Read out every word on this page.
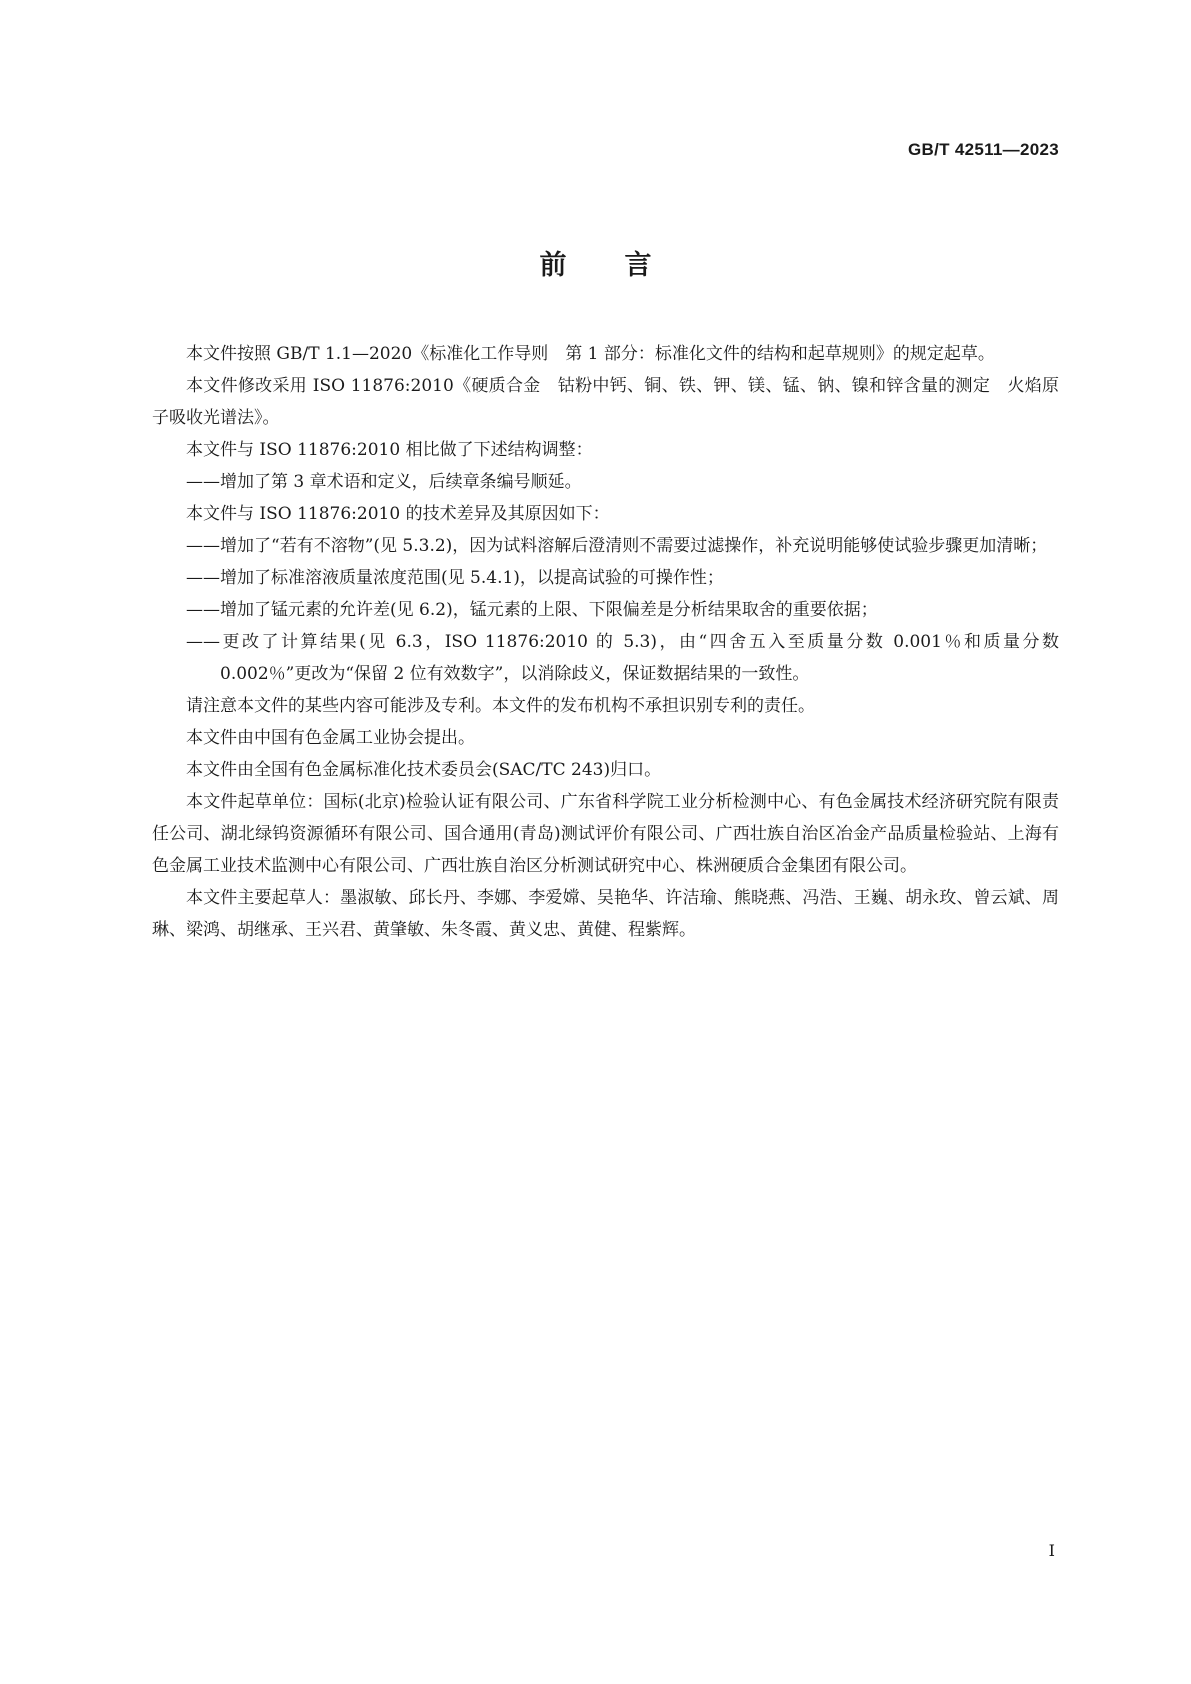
GB/T 42511—2023
前言

本文件按照 GB/T 1.1—2020《标准化工作导则　第 1 部分：标准化文件的结构和起草规则》的规定起草。

本文件修改采用 ISO 11876:2010《硬质合金　钴粉中钙、铜、铁、钾、镁、锰、钠、镍和锌含量的测定　火焰原子吸收光谱法》。

本文件与 ISO 11876:2010 相比做了下述结构调整：

——增加了第 3 章术语和定义，后续章条编号顺延。

本文件与 ISO 11876:2010 的技术差异及其原因如下：

——增加了“若有不溶物”(见 5.3.2)，因为试料溶解后澄清则不需要过滤操作，补充说明能够使试验步骤更加清晰；

——增加了标准溶液质量浓度范围(见 5.4.1)，以提高试验的可操作性；

——增加了锰元素的允许差(见 6.2)，锰元素的上限、下限偏差是分析结果取舍的重要依据；

——更改了计算结果(见 6.3，ISO 11876:2010 的 5.3)，由“四舍五入至质量分数 0.001％和质量分数 0.002％”更改为“保留 2 位有效数字”，以消除歧义，保证数据结果的一致性。

请注意本文件的某些内容可能涉及专利。本文件的发布机构不承担识别专利的责任。

本文件由中国有色金属工业协会提出。

本文件由全国有色金属标准化技术委员会(SAC/TC 243)归口。

本文件起草单位：国标(北京)检验认证有限公司、广东省科学院工业分析检测中心、有色金属技术经济研究院有限责任公司、湖北绿钨资源循环有限公司、国合通用(青岛)测试评价有限公司、广西壮族自治区冶金产品质量检验站、上海有色金属工业技术监测中心有限公司、广西壮族自治区分析测试研究中心、株洲硬质合金集团有限公司。

本文件主要起草人：墨淑敏、邱长丹、李娜、李爱嫦、吴艳华、许洁瑜、熊晓燕、冯浩、王巍、胡永玫、曾云斌、周琳、梁鸿、胡继承、王兴君、黄肇敏、朱冬霞、黄义忠、黄健、程紫辉。

I
